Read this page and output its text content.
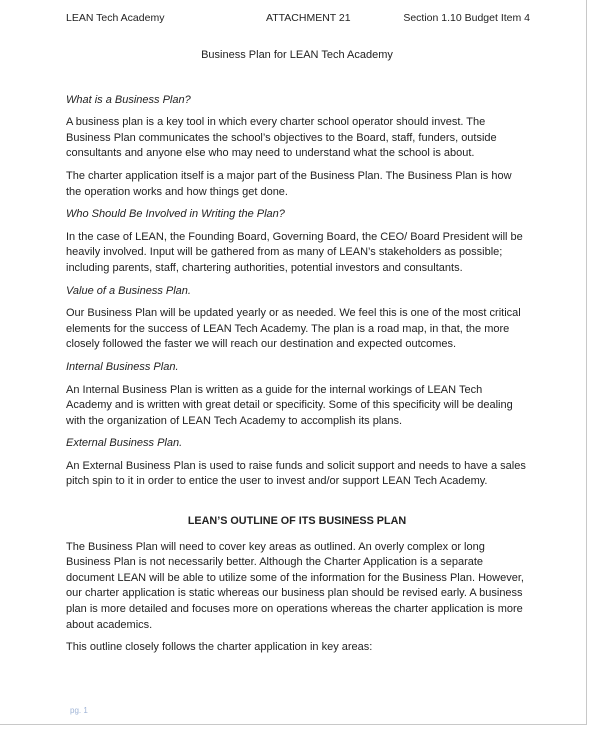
LEAN Tech Academy	ATTACHMENT 21	Section 1.10 Budget Item 4
Business Plan for LEAN Tech Academy
What is a Business Plan?

A business plan is a key tool in which every charter school operator should invest. The Business Plan communicates the school’s objectives to the Board, staff, funders, outside consultants and anyone else who may need to understand what the school is about.

The charter application itself is a major part of the Business Plan. The Business Plan is how the operation works and how things get done.

Who Should Be Involved in Writing the Plan?

In the case of LEAN, the Founding Board, Governing Board, the CEO/ Board President will be heavily involved. Input will be gathered from as many of LEAN’s stakeholders as possible; including parents, staff, chartering authorities, potential investors and consultants.

Value of a Business Plan.

Our Business Plan will be updated yearly or as needed. We feel this is one of the most critical elements for the success of LEAN Tech Academy. The plan is a road map, in that, the more closely followed the faster we will reach our destination and expected outcomes.

Internal Business Plan.

An Internal Business Plan is written as a guide for the internal workings of LEAN Tech Academy and is written with great detail or specificity. Some of this specificity will be dealing with the organization of LEAN Tech Academy to accomplish its plans.

External Business Plan.

An External Business Plan is used to raise funds and solicit support and needs to have a sales pitch spin to it in order to entice the user to invest and/or support LEAN Tech Academy.

LEAN’S OUTLINE OF ITS BUSINESS PLAN

The Business Plan will need to cover key areas as outlined. An overly complex or long Business Plan is not necessarily better. Although the Charter Application is a separate document LEAN will be able to utilize some of the information for the Business Plan. However, our charter application is static whereas our business plan should be revised early. A business plan is more detailed and focuses more on operations whereas the charter application is more about academics.

This outline closely follows the charter application in key areas:

pg. 1
